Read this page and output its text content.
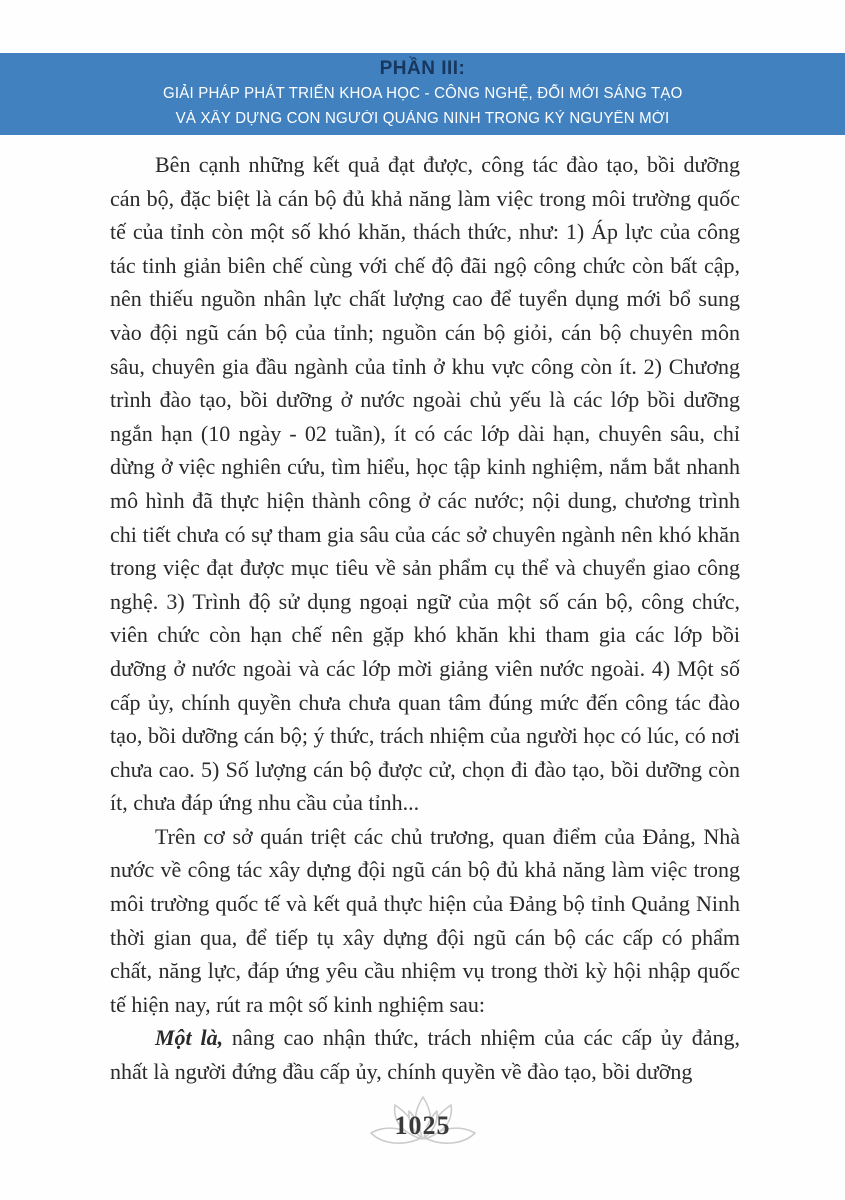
PHẦN III:
GIẢI PHÁP PHÁT TRIỂN KHOA HỌC - CÔNG NGHỆ, ĐỔI MỚI SÁNG TẠO
VÀ XÂY DỰNG CON NGƯỜI QUẢNG NINH TRONG KỶ NGUYÊN MỚI

Bên cạnh những kết quả đạt được, công tác đào tạo, bồi dưỡng cán bộ, đặc biệt là cán bộ đủ khả năng làm việc trong môi trường quốc tế của tỉnh còn một số khó khăn, thách thức, như: 1) Áp lực của công tác tinh giản biên chế cùng với chế độ đãi ngộ công chức còn bất cập, nên thiếu nguồn nhân lực chất lượng cao để tuyển dụng mới bổ sung vào đội ngũ cán bộ của tỉnh; nguồn cán bộ giỏi, cán bộ chuyên môn sâu, chuyên gia đầu ngành của tỉnh ở khu vực công còn ít. 2) Chương trình đào tạo, bồi dưỡng ở nước ngoài chủ yếu là các lớp bồi dưỡng ngắn hạn (10 ngày - 02 tuần), ít có các lớp dài hạn, chuyên sâu, chỉ dừng ở việc nghiên cứu, tìm hiểu, học tập kinh nghiệm, nắm bắt nhanh mô hình đã thực hiện thành công ở các nước; nội dung, chương trình chi tiết chưa có sự tham gia sâu của các sở chuyên ngành nên khó khăn trong việc đạt được mục tiêu về sản phẩm cụ thể và chuyển giao công nghệ. 3) Trình độ sử dụng ngoại ngữ của một số cán bộ, công chức, viên chức còn hạn chế nên gặp khó khăn khi tham gia các lớp bồi dưỡng ở nước ngoài và các lớp mời giảng viên nước ngoài. 4) Một số cấp ủy, chính quyền chưa chưa quan tâm đúng mức đến công tác đào tạo, bồi dưỡng cán bộ; ý thức, trách nhiệm của người học có lúc, có nơi chưa cao. 5) Số lượng cán bộ được cử, chọn đi đào tạo, bồi dưỡng còn ít, chưa đáp ứng nhu cầu của tỉnh...

Trên cơ sở quán triệt các chủ trương, quan điểm của Đảng, Nhà nước về công tác xây dựng đội ngũ cán bộ đủ khả năng làm việc trong môi trường quốc tế và kết quả thực hiện của Đảng bộ tỉnh Quảng Ninh thời gian qua, để tiếp tụ xây dựng đội ngũ cán bộ các cấp có phẩm chất, năng lực, đáp ứng yêu cầu nhiệm vụ trong thời kỳ hội nhập quốc tế hiện nay, rút ra một số kinh nghiệm sau:

Một là, nâng cao nhận thức, trách nhiệm của các cấp ủy đảng, nhất là người đứng đầu cấp ủy, chính quyền về đào tạo, bồi dưỡng

1025
